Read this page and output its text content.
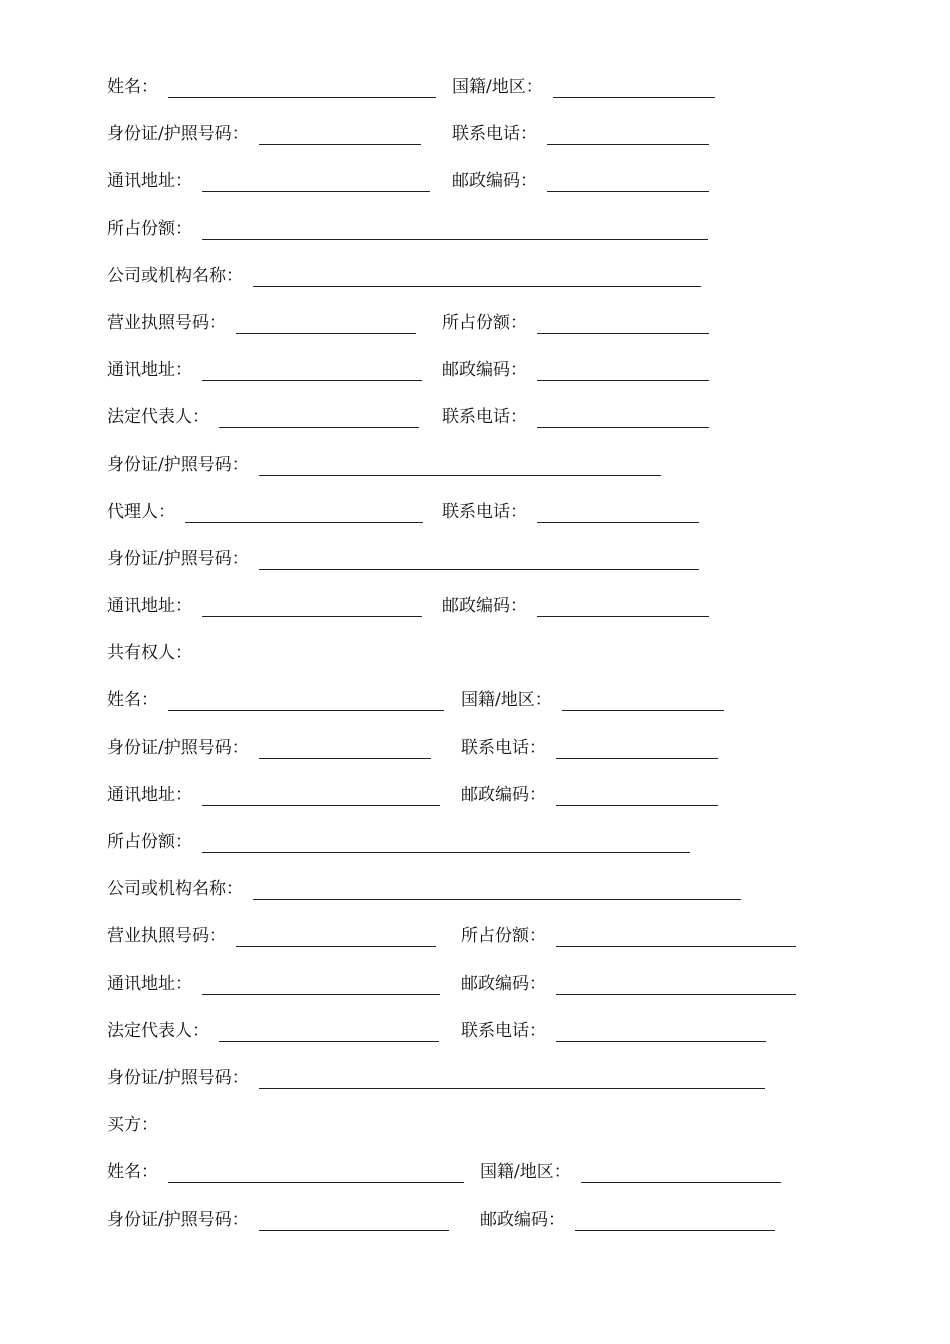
姓名 ：	国籍/地区 ：
身份证/护照号码 ：	联系电话 ：
通讯地址 ：	邮政编码 ：
所占份额 ：
公司或机构名称 ：
营业执照号码 ：	所占份额 ：
通讯地址 ：	邮政编码 ：
法定代表人 ：	联系电话 ：
身份证/护照号码 ：
代理人 ：	联系电话 ：
身份证/护照号码 ：
通讯地址 ：	邮政编码 ：
共有权人：
姓名 ：	国籍/地区 ：
身份证/护照号码 ：	联系电话 ：
通讯地址 ：	邮政编码 ：
所占份额 ：
公司或机构名称 ：
营业执照号码 ：	所占份额 ：
通讯地址 ：	邮政编码 ：
法定代表人 ：	联系电话 ：
身份证/护照号码 ：
买方：
姓名 ：	国籍/地区 ：
身份证/护照号码 ：	邮政编码 ：
